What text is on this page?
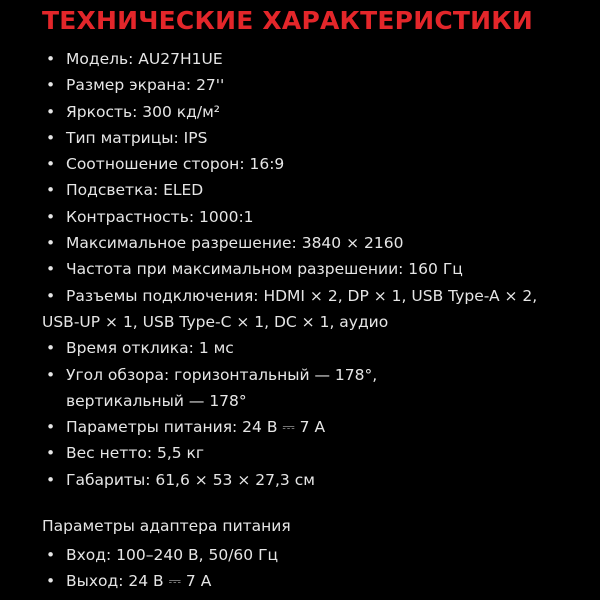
ТЕХНИЧЕСКИЕ ХАРАКТЕРИСТИКИ
• Модель: AU27H1UE
• Размер экрана: 27''
• Яркость: 300 кд/м²
• Тип матрицы: IPS
• Соотношение сторон: 16:9
• Подсветка: ELED
• Контрастность: 1000:1
• Максимальное разрешение: 3840 × 2160
• Частота при максимальном разрешении: 160 Гц
• Разъемы подключения: HDMI × 2, DP × 1, USB Type-A × 2,
USB-UP × 1, USB Type-C × 1, DC × 1, аудио
• Время отклика: 1 мс
• Угол обзора: горизонтальный — 178°,
вертикальный — 178°
• Параметры питания: 24 В ⎓ 7 А
• Вес нетто: 5,5 кг
• Габариты: 61,6 × 53 × 27,3 см

Параметры адаптера питания

• Вход: 100–240 В, 50/60 Гц
• Выход: 24 В ⎓ 7 А
